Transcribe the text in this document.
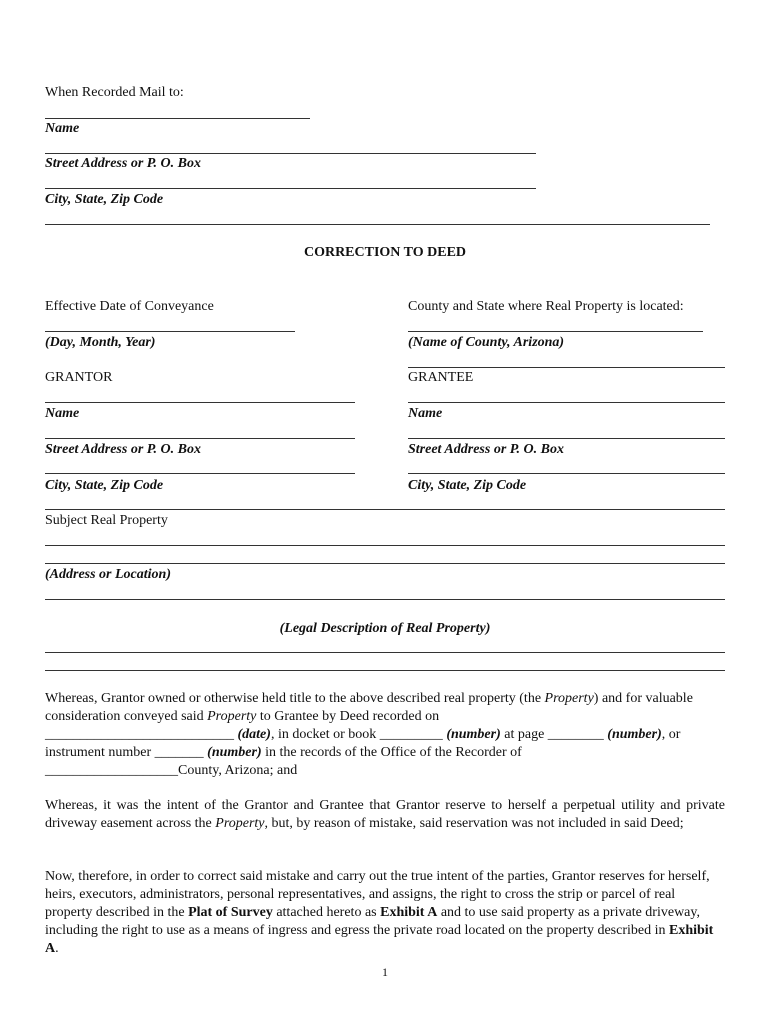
When Recorded Mail to:
Name
Street Address or P. O. Box
City, State, Zip Code
CORRECTION TO DEED
Effective Date of Conveyance
(Day, Month, Year)
GRANTOR
Name
Street Address or P. O. Box
City, State, Zip Code
County and State where Real Property is located:
(Name of County, Arizona)
GRANTEE
Name
Street Address or P. O. Box
City, State, Zip Code
Subject Real Property
(Address or Location)
(Legal Description of Real Property)
Whereas, Grantor owned or otherwise held title to the above described real property (the Property) and for valuable consideration conveyed said Property to Grantee by Deed recorded on
___________________________ (date), in docket or book _________ (number) at page ________ (number), or
instrument number _______ (number) in the records of the Office of the Recorder of
___________________County, Arizona; and
Whereas, it was the intent of the Grantor and Grantee that Grantor reserve to herself a perpetual utility and private driveway easement across the Property, but, by reason of mistake, said reservation was not included in said Deed;
Now, therefore, in order to correct said mistake and carry out the true intent of the parties, Grantor reserves for herself, heirs, executors, administrators, personal representatives, and assigns, the right to cross the strip or parcel of real property described in the Plat of Survey attached hereto as Exhibit A and to use said property as a private driveway, including the right to use as a means of ingress and egress the private road located on the property described in Exhibit A.
1
